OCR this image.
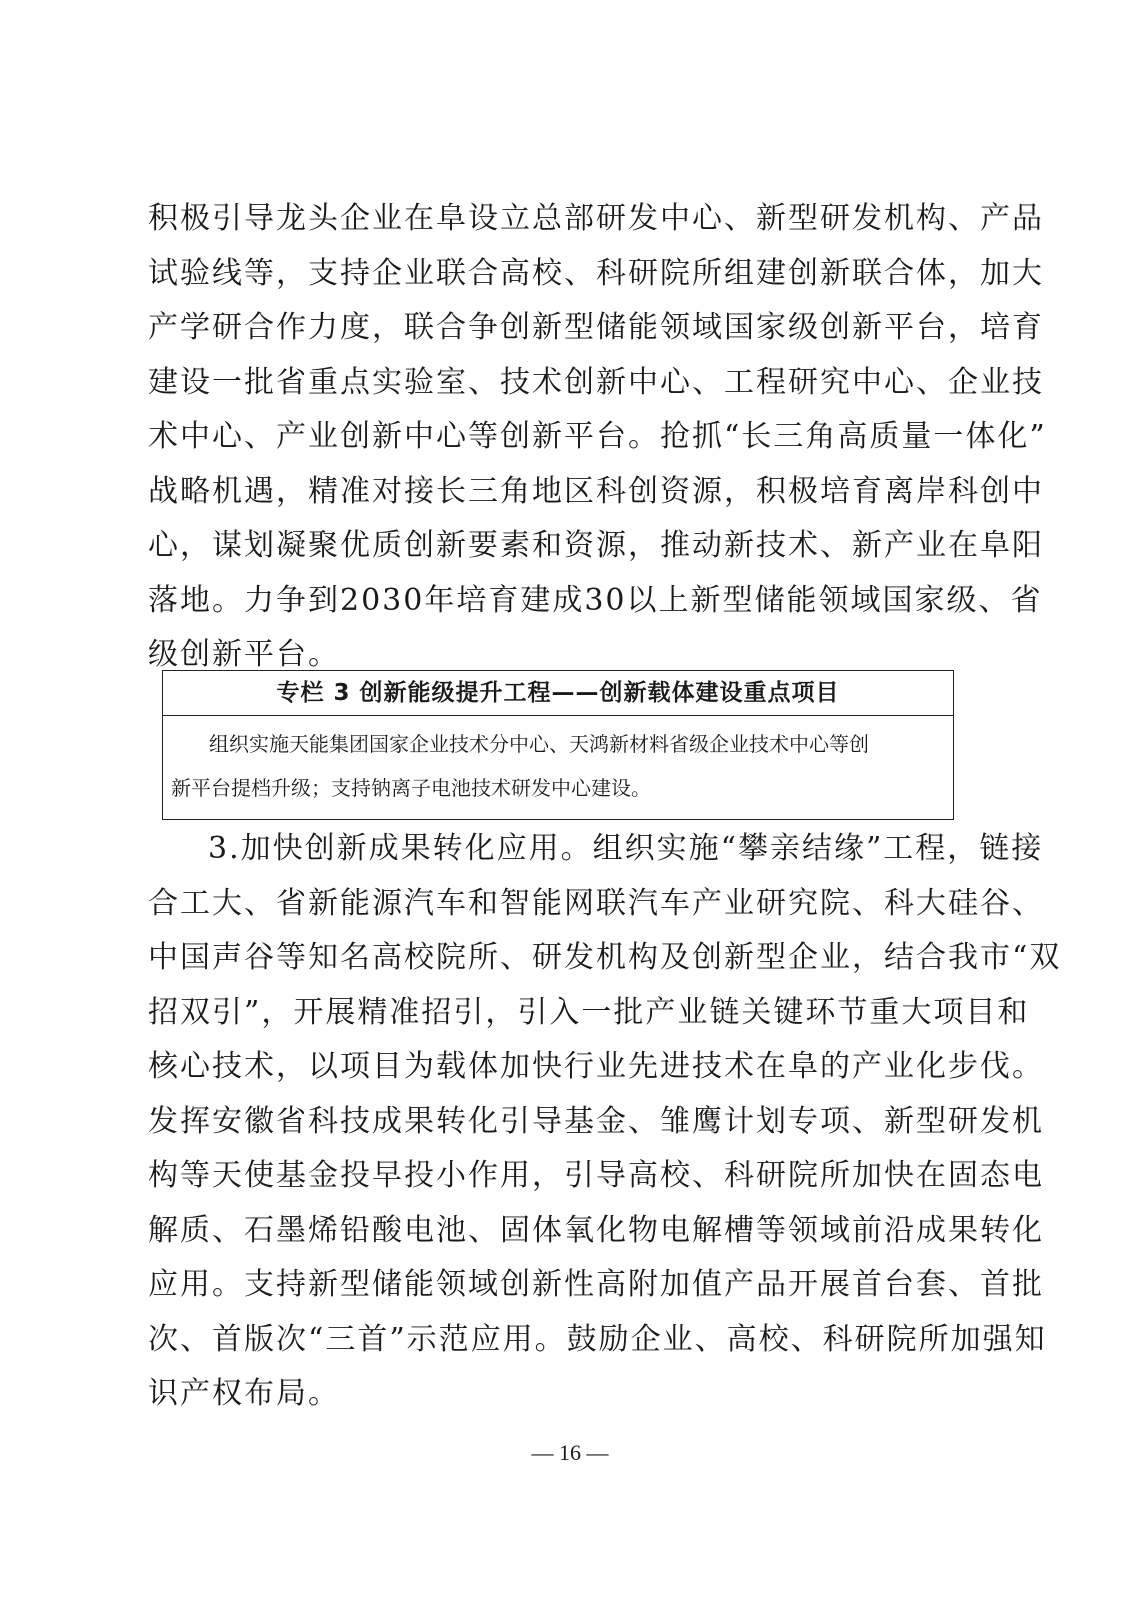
积极引导龙头企业在阜设立总部研发中心、新型研发机构、产品
试验线等，支持企业联合高校、科研院所组建创新联合体，加大
产学研合作力度，联合争创新型储能领域国家级创新平台，培育
建设一批省重点实验室、技术创新中心、工程研究中心、企业技
术中心、产业创新中心等创新平台。抢抓“长三角高质量一体化”
战略机遇，精准对接长三角地区科创资源，积极培育离岸科创中
心，谋划凝聚优质创新要素和资源，推动新技术、新产业在阜阳
落地。力争到2030年培育建成30以上新型储能领域国家级、省
级创新平台。
专栏 3 创新能级提升工程——创新载体建设重点项目
组织实施天能集团国家企业技术分中心、天鸿新材料省级企业技术中心等创
新平台提档升级；支持钠离子电池技术研发中心建设。
3.加快创新成果转化应用。组织实施“攀亲结缘”工程，链接
合工大、省新能源汽车和智能网联汽车产业研究院、科大硅谷、
中国声谷等知名高校院所、研发机构及创新型企业，结合我市“双
招双引”，开展精准招引，引入一批产业链关键环节重大项目和
核心技术，以项目为载体加快行业先进技术在阜的产业化步伐。
发挥安徽省科技成果转化引导基金、雏鹰计划专项、新型研发机
构等天使基金投早投小作用，引导高校、科研院所加快在固态电
解质、石墨烯铅酸电池、固体氧化物电解槽等领域前沿成果转化
应用。支持新型储能领域创新性高附加值产品开展首台套、首批
次、首版次“三首”示范应用。鼓励企业、高校、科研院所加强知
识产权布局。
— 16 —
